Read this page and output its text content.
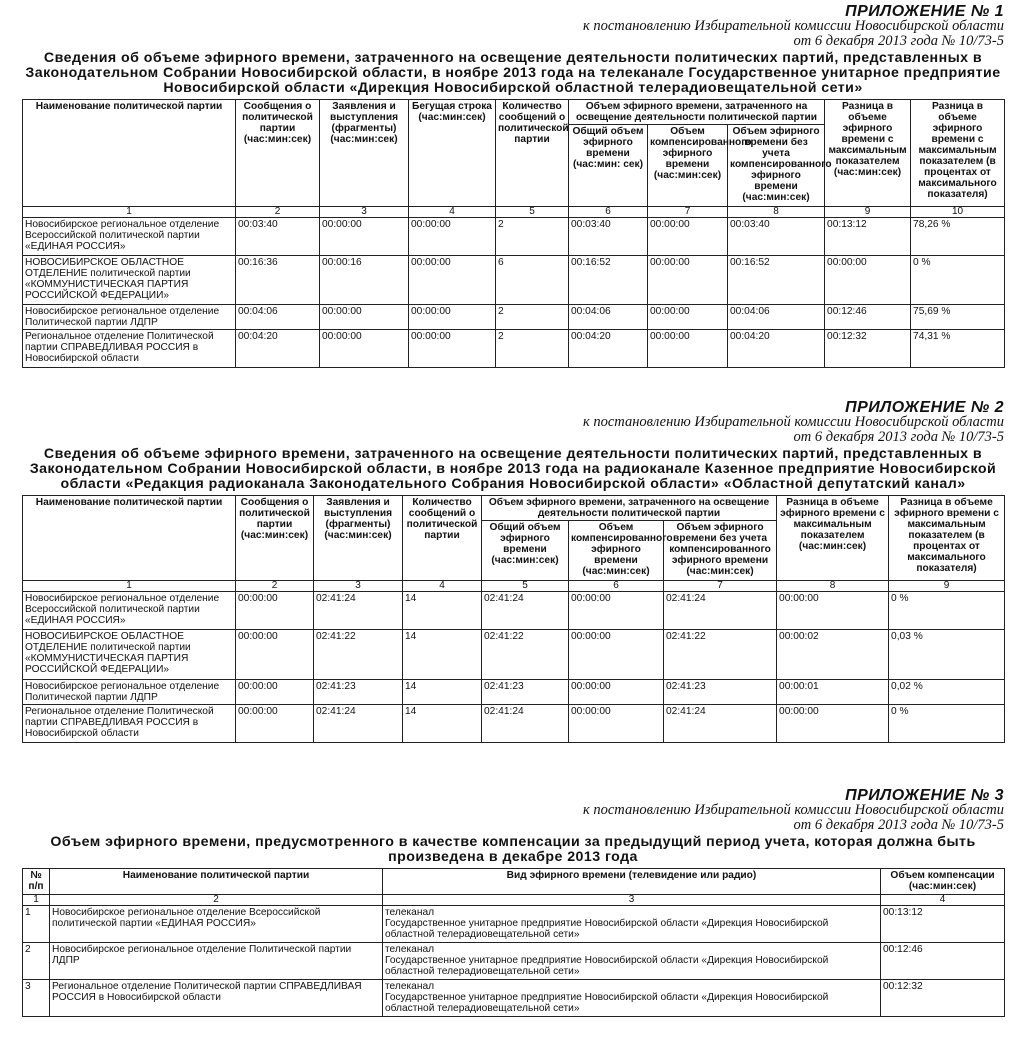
ПРИЛОЖЕНИЕ № 1
к постановлению Избирательной комиссии Новосибирской области
от 6 декабря 2013 года № 10/73-5
Сведения об объеме эфирного времени, затраченного на освещение деятельности политических партий, представленных в Законодательном Собрании Новосибирской области, в ноябре 2013 года на телеканале Государственное унитарное предприятие Новосибирской области «Дирекция Новосибирской областной телерадиовещательной сети»
Наименование политической партии	Сообщения о политической партии (час:мин:сек)	Заявления и выступления (фрагменты) (час:мин:сек)	Бегущая строка (час:мин:сек)	Количество сообщений о политической партии	Объем эфирного времени, затраченного на освещение деятельности политической партии			Разница в объеме эфирного времени с максимальным показателем (час:мин:сек)	Разница в объеме эфирного времени с максимальным показателем (в процентах от максимального показателя)
					Общий объем эфирного времени (час:мин: сек)	Объем компенсированного эфирного времени (час:мин:сек)	Объем эфирного времени без учета компенсированного эфирного времени (час:мин:сек)		
1	2	3	4	5	6	7	8	9	10
Новосибирское региональное отделение Всероссийской политической партии «ЕДИНАЯ РОССИЯ»	00:03:40	00:00:00	00:00:00	2	00:03:40	00:00:00	00:03:40	00:13:12	78,26 %
НОВОСИБИРСКОЕ ОБЛАСТНОЕ ОТДЕЛЕНИЕ политической партии «КОММУНИСТИЧЕСКАЯ ПАРТИЯ РОССИЙСКОЙ ФЕДЕРАЦИИ»	00:16:36	00:00:16	00:00:00	6	00:16:52	00:00:00	00:16:52	00:00:00	0 %
Новосибирское региональное отделение Политической партии ЛДПР	00:04:06	00:00:00	00:00:00	2	00:04:06	00:00:00	00:04:06	00:12:46	75,69 %
Региональное отделение Политической партии СПРАВЕДЛИВАЯ РОССИЯ в Новосибирской области	00:04:20	00:00:00	00:00:00	2	00:04:20	00:00:00	00:04:20	00:12:32	74,31 %
ПРИЛОЖЕНИЕ № 2
к постановлению Избирательной комиссии Новосибирской области
от 6 декабря 2013 года № 10/73-5
Сведения об объеме эфирного времени, затраченного на освещение деятельности политических партий, представленных в Законодательном Собрании Новосибирской области, в ноябре 2013 года на радиоканале Казенное предприятие Новосибирской области «Редакция радиоканала Законодательного Собрания Новосибирской области» «Областной депутатский канал»
Наименование политической партии	Сообщения о политической партии (час:мин:сек)	Заявления и выступления (фрагменты) (час:мин:сек)	Количество сообщений о политической партии	Объем эфирного времени, затраченного на освещение деятельности политической партии			Разница в объеме эфирного времени с максимальным показателем (час:мин:сек)	Разница в объеме эфирного времени с максимальным показателем (в процентах от максимального показателя)
				Общий объем эфирного времени (час:мин:сек)	Объем компенсированного эфирного времени (час:мин:сек)	Объем эфирного времени без учета компенсированного эфирного времени (час:мин:сек)		
1	2	3	4	5	6	7	8	9
Новосибирское региональное отделение Всероссийской политической партии «ЕДИНАЯ РОССИЯ»	00:00:00	02:41:24	14	02:41:24	00:00:00	02:41:24	00:00:00	0 %
НОВОСИБИРСКОЕ ОБЛАСТНОЕ ОТДЕЛЕНИЕ политической партии «КОММУНИСТИЧЕСКАЯ ПАРТИЯ РОССИЙСКОЙ ФЕДЕРАЦИИ»	00:00:00	02:41:22	14	02:41:22	00:00:00	02:41:22	00:00:02	0,03 %
Новосибирское региональное отделение Политической партии ЛДПР	00:00:00	02:41:23	14	02:41:23	00:00:00	02:41:23	00:00:01	0,02 %
Региональное отделение Политической партии СПРАВЕДЛИВАЯ РОССИЯ в Новосибирской области	00:00:00	02:41:24	14	02:41:24	00:00:00	02:41:24	00:00:00	0 %
ПРИЛОЖЕНИЕ № 3
к постановлению Избирательной комиссии Новосибирской области
от 6 декабря 2013 года № 10/73-5
Объем эфирного времени, предусмотренного в качестве компенсации за предыдущий период учета, которая должна быть произведена в декабре 2013 года
№ п/п	Наименование политической партии	Вид эфирного времени (телевидение или радио)	Объем компенсации (час:мин:сек)
1	2	3	4
1	Новосибирское региональное отделение Всероссийской политической партии «ЕДИНАЯ РОССИЯ»	телеканал
Государственное унитарное предприятие Новосибирской области «Дирекция Новосибирской областной телерадиовещательной сети»	00:13:12
2	Новосибирское региональное отделение Политической партии ЛДПР	телеканал
Государственное унитарное предприятие Новосибирской области «Дирекция Новосибирской областной телерадиовещательной сети»	00:12:46
3	Региональное отделение Политической партии СПРАВЕДЛИВАЯ РОССИЯ в Новосибирской области	телеканал
Государственное унитарное предприятие Новосибирской области «Дирекция Новосибирской областной телерадиовещательной сети»	00:12:32
